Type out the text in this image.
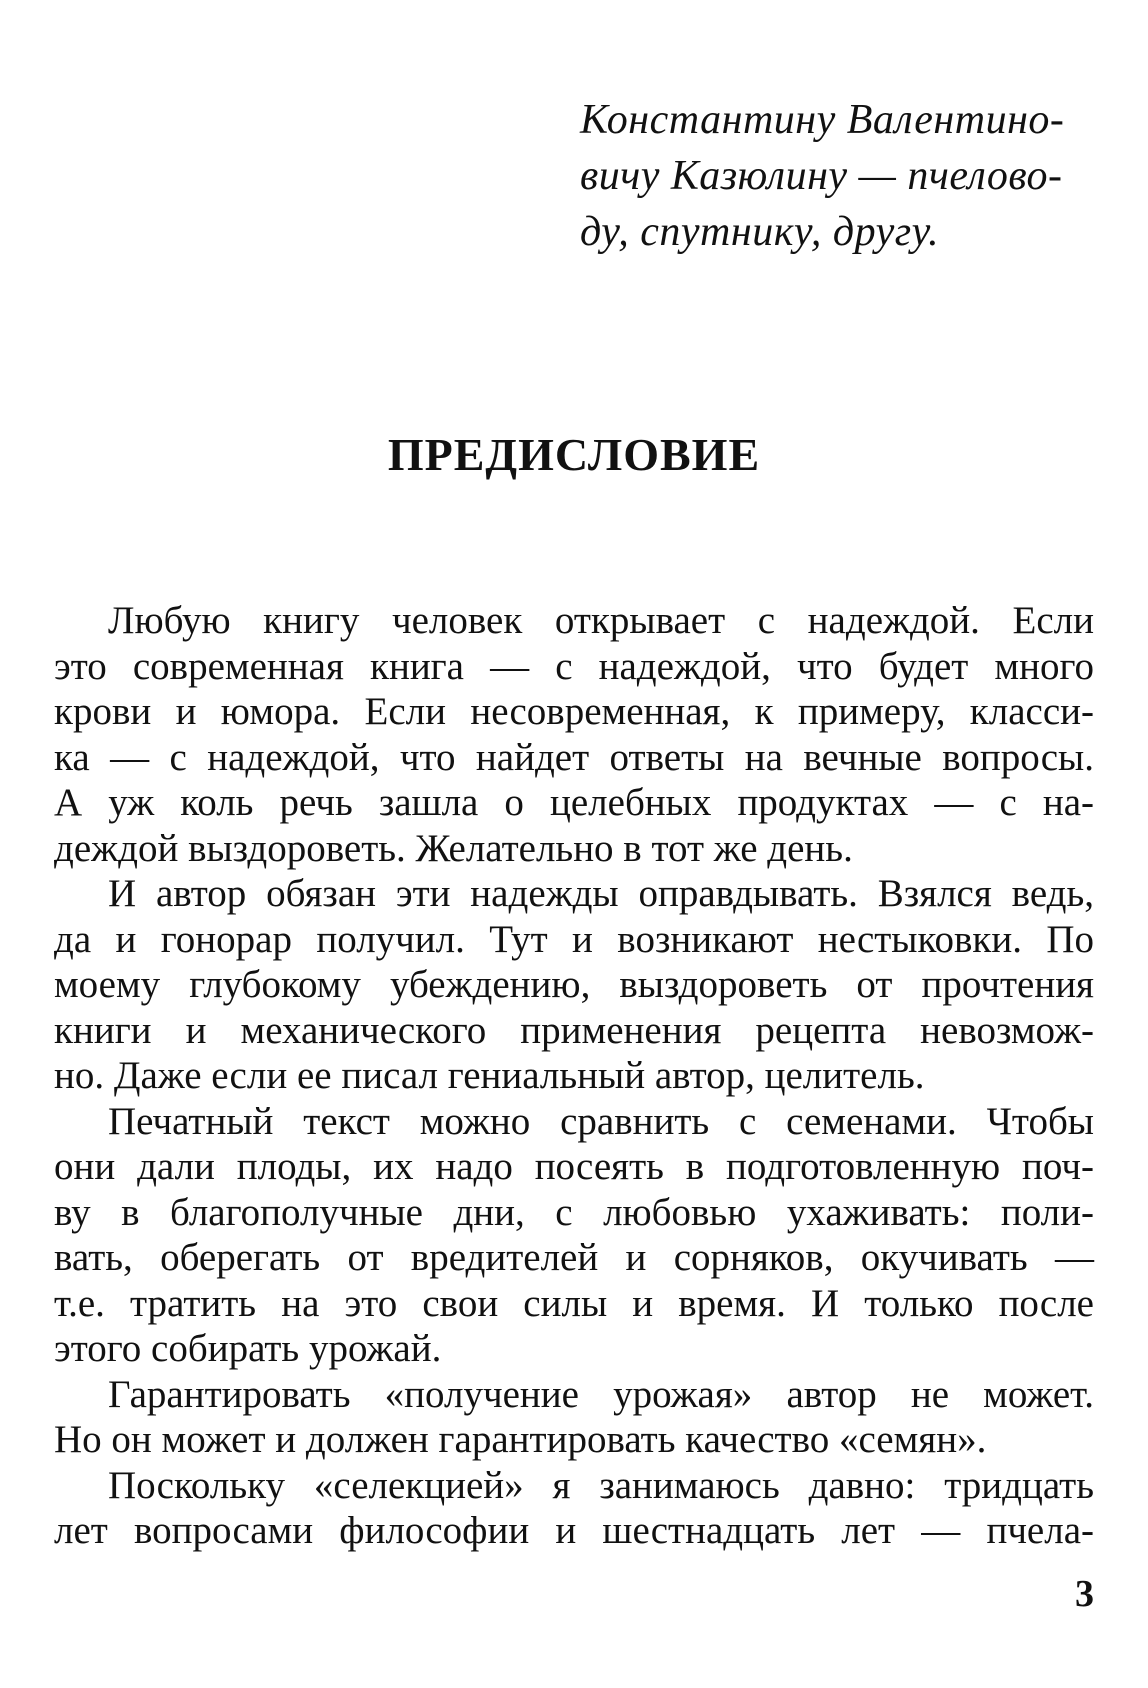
Константину Валентино-
вичу Казюлину — пчелово-
ду, спутнику, другу.
ПРЕДИСЛОВИЕ

Любую книгу человек открывает с надеждой. Если
это современная книга — с надеждой, что будет много
крови и юмора. Если несовременная, к примеру, класси-
ка — с надеждой, что найдет ответы на вечные вопросы.
А уж коль речь зашла о целебных продуктах — с на-
деждой выздороветь. Желательно в тот же день.

И автор обязан эти надежды оправдывать. Взялся ведь,
да и гонорар получил. Тут и возникают нестыковки. По
моему глубокому убеждению, выздороветь от прочтения
книги и механического применения рецепта невозмож-
но. Даже если ее писал гениальный автор, целитель.

Печатный текст можно сравнить с семенами. Чтобы
они дали плоды, их надо посеять в подготовленную поч-
ву в благополучные дни, с любовью ухаживать: поли-
вать, оберегать от вредителей и сорняков, окучивать —
т.е. тратить на это свои силы и время. И только после
этого собирать урожай.

Гарантировать «получение урожая» автор не может.
Но он может и должен гарантировать качество «семян».

Поскольку «селекцией» я занимаюсь давно: тридцать
лет вопросами философии и шестнадцать лет — пчела-

3
